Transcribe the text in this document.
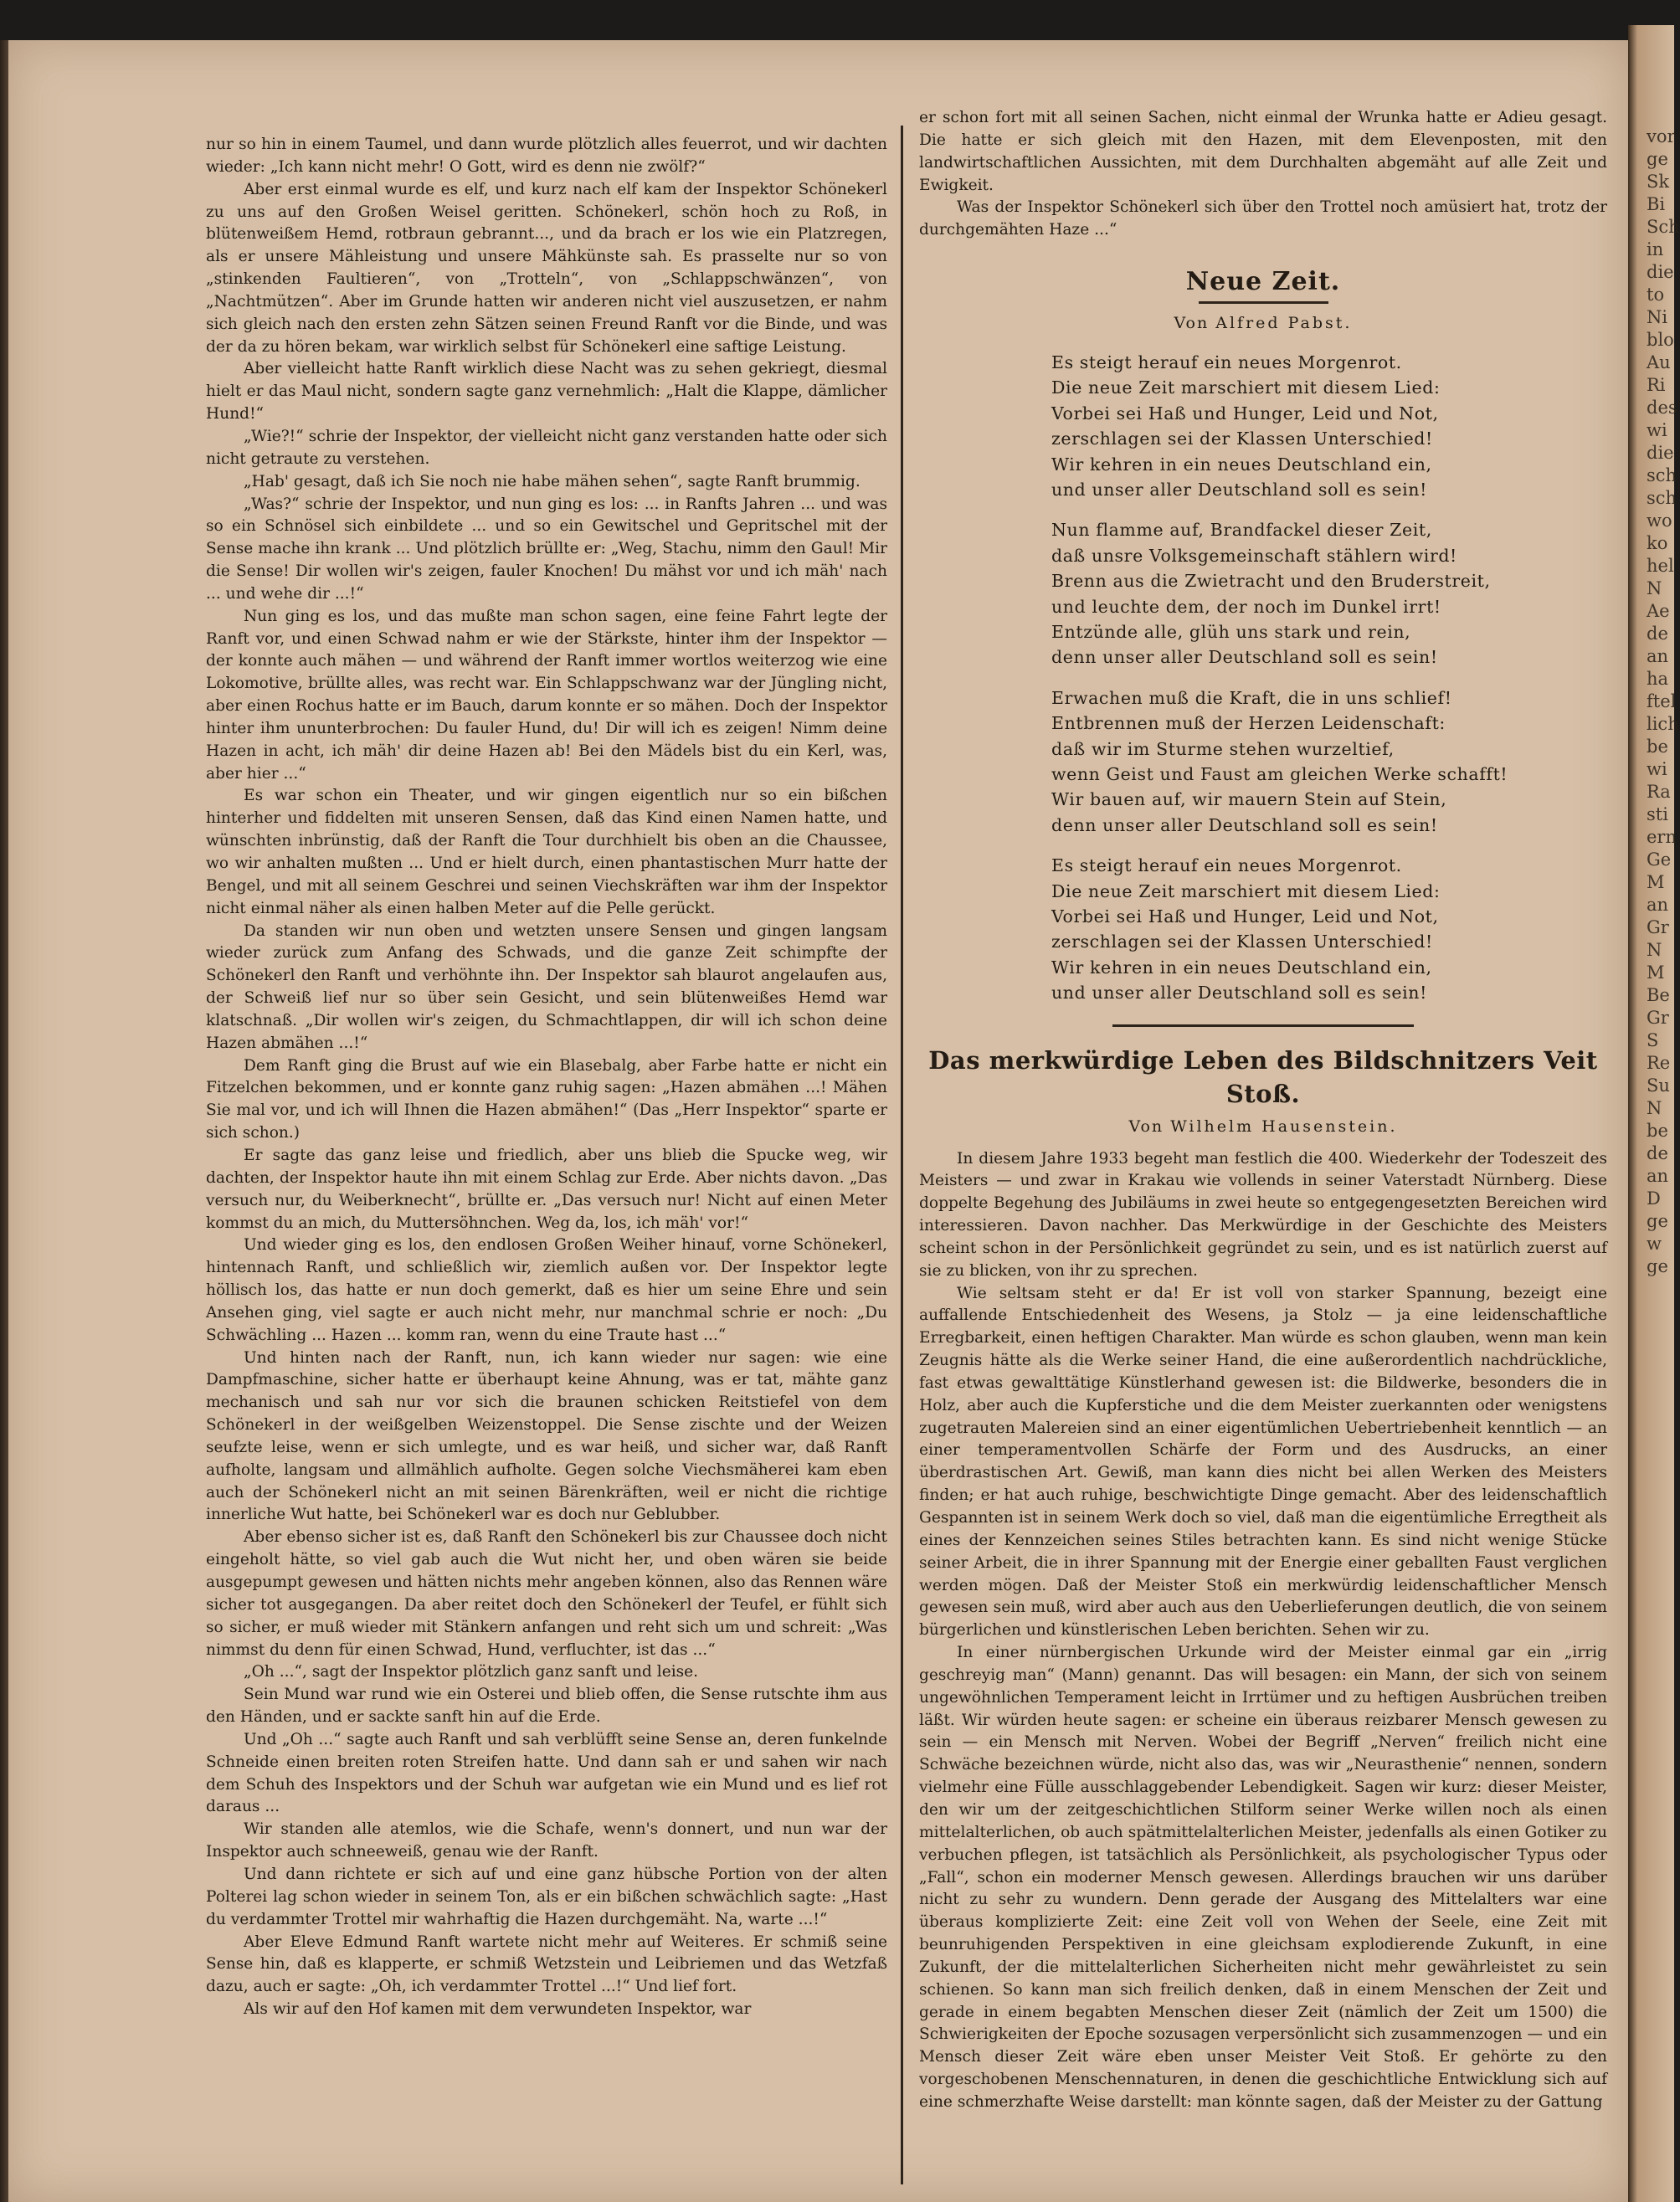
vor
ge
Sk
Bi
Sch
in
die
to
Ni
blo
Au
Ri
des
wi
die
sch
sch
wo
ko
hel
N
Ae
de
an
ha
ftel
lich
be
wi
Ra
sti
ern
Ge
M
an
Gr
N
M
Be
Gr
S
Re
Su
N
be
de
an
D
ge
w
ge

nur so hin in einem Taumel, und dann wurde plötzlich alles feuerrot, und wir dachten wieder: „Ich kann nicht mehr! O Gott, wird es denn nie zwölf?“

Aber erst einmal wurde es elf, und kurz nach elf kam der Inspektor Schönekerl zu uns auf den Großen Weisel geritten. Schönekerl, schön hoch zu Roß, in blütenweißem Hemd, rotbraun gebrannt..., und da brach er los wie ein Platzregen, als er unsere Mähleistung und unsere Mähkünste sah. Es prasselte nur so von „stinkenden Faultieren“, von „Trotteln“, von „Schlappschwänzen“, von „Nachtmützen“. Aber im Grunde hatten wir anderen nicht viel auszusetzen, er nahm sich gleich nach den ersten zehn Sätzen seinen Freund Ranft vor die Binde, und was der da zu hören bekam, war wirklich selbst für Schönekerl eine saftige Leistung.

Aber vielleicht hatte Ranft wirklich diese Nacht was zu sehen gekriegt, diesmal hielt er das Maul nicht, sondern sagte ganz vernehmlich: „Halt die Klappe, dämlicher Hund!“

„Wie?!“ schrie der Inspektor, der vielleicht nicht ganz verstanden hatte oder sich nicht getraute zu verstehen.

„Hab' gesagt, daß ich Sie noch nie habe mähen sehen“, sagte Ranft brummig.

„Was?“ schrie der Inspektor, und nun ging es los: ... in Ranfts Jahren ... und was so ein Schnösel sich einbildete ... und so ein Gewitschel und Gepritschel mit der Sense mache ihn krank ... Und plötzlich brüllte er: „Weg, Stachu, nimm den Gaul! Mir die Sense! Dir wollen wir's zeigen, fauler Knochen! Du mähst vor und ich mäh' nach ... und wehe dir ...!“

Nun ging es los, und das mußte man schon sagen, eine feine Fahrt legte der Ranft vor, und einen Schwad nahm er wie der Stärkste, hinter ihm der Inspektor — der konnte auch mähen — und während der Ranft immer wortlos weiterzog wie eine Lokomotive, brüllte alles, was recht war. Ein Schlappschwanz war der Jüngling nicht, aber einen Rochus hatte er im Bauch, darum konnte er so mähen. Doch der Inspektor hinter ihm ununterbrochen: Du fauler Hund, du! Dir will ich es zeigen! Nimm deine Hazen in acht, ich mäh' dir deine Hazen ab! Bei den Mädels bist du ein Kerl, was, aber hier ...“

Es war schon ein Theater, und wir gingen eigentlich nur so ein bißchen hinterher und fiddelten mit unseren Sensen, daß das Kind einen Namen hatte, und wünschten inbrünstig, daß der Ranft die Tour durchhielt bis oben an die Chaussee, wo wir anhalten mußten ... Und er hielt durch, einen phantastischen Murr hatte der Bengel, und mit all seinem Geschrei und seinen Viechskräften war ihm der Inspektor nicht einmal näher als einen halben Meter auf die Pelle gerückt.

Da standen wir nun oben und wetzten unsere Sensen und gingen langsam wieder zurück zum Anfang des Schwads, und die ganze Zeit schimpfte der Schönekerl den Ranft und verhöhnte ihn. Der Inspektor sah blaurot angelaufen aus, der Schweiß lief nur so über sein Gesicht, und sein blütenweißes Hemd war klatschnaß. „Dir wollen wir's zeigen, du Schmachtlappen, dir will ich schon deine Hazen abmähen ...!“

Dem Ranft ging die Brust auf wie ein Blasebalg, aber Farbe hatte er nicht ein Fitzelchen bekommen, und er konnte ganz ruhig sagen: „Hazen abmähen ...! Mähen Sie mal vor, und ich will Ihnen die Hazen abmähen!“ (Das „Herr Inspektor“ sparte er sich schon.)

Er sagte das ganz leise und friedlich, aber uns blieb die Spucke weg, wir dachten, der Inspektor haute ihn mit einem Schlag zur Erde. Aber nichts davon. „Das versuch nur, du Weiberknecht“, brüllte er. „Das versuch nur! Nicht auf einen Meter kommst du an mich, du Muttersöhnchen. Weg da, los, ich mäh' vor!“

Und wieder ging es los, den endlosen Großen Weiher hinauf, vorne Schönekerl, hintennach Ranft, und schließlich wir, ziemlich außen vor. Der Inspektor legte höllisch los, das hatte er nun doch gemerkt, daß es hier um seine Ehre und sein Ansehen ging, viel sagte er auch nicht mehr, nur manchmal schrie er noch: „Du Schwächling ... Hazen ... komm ran, wenn du eine Traute hast ...“

Und hinten nach der Ranft, nun, ich kann wieder nur sagen: wie eine Dampfmaschine, sicher hatte er überhaupt keine Ahnung, was er tat, mähte ganz mechanisch und sah nur vor sich die braunen schicken Reitstiefel von dem Schönekerl in der weißgelben Weizenstoppel. Die Sense zischte und der Weizen seufzte leise, wenn er sich umlegte, und es war heiß, und sicher war, daß Ranft aufholte, langsam und allmählich aufholte. Gegen solche Viechsmäherei kam eben auch der Schönekerl nicht an mit seinen Bärenkräften, weil er nicht die richtige innerliche Wut hatte, bei Schönekerl war es doch nur Geblubber.

Aber ebenso sicher ist es, daß Ranft den Schönekerl bis zur Chaussee doch nicht eingeholt hätte, so viel gab auch die Wut nicht her, und oben wären sie beide ausgepumpt gewesen und hätten nichts mehr angeben können, also das Rennen wäre sicher tot ausgegangen. Da aber reitet doch den Schönekerl der Teufel, er fühlt sich so sicher, er muß wieder mit Stänkern anfangen und reht sich um und schreit: „Was nimmst du denn für einen Schwad, Hund, verfluchter, ist das ...“

„Oh ...“, sagt der Inspektor plötzlich ganz sanft und leise.

Sein Mund war rund wie ein Osterei und blieb offen, die Sense rutschte ihm aus den Händen, und er sackte sanft hin auf die Erde.

Und „Oh ...“ sagte auch Ranft und sah verblüfft seine Sense an, deren funkelnde Schneide einen breiten roten Streifen hatte. Und dann sah er und sahen wir nach dem Schuh des Inspektors und der Schuh war aufgetan wie ein Mund und es lief rot daraus ...

Wir standen alle atemlos, wie die Schafe, wenn's donnert, und nun war der Inspektor auch schneeweiß, genau wie der Ranft.

Und dann richtete er sich auf und eine ganz hübsche Portion von der alten Polterei lag schon wieder in seinem Ton, als er ein bißchen schwächlich sagte: „Hast du verdammter Trottel mir wahrhaftig die Hazen durchgemäht. Na, warte ...!“

Aber Eleve Edmund Ranft wartete nicht mehr auf Weiteres. Er schmiß seine Sense hin, daß es klapperte, er schmiß Wetzstein und Leibriemen und das Wetzfaß dazu, auch er sagte: „Oh, ich verdammter Trottel ...!“ Und lief fort.

Als wir auf den Hof kamen mit dem verwundeten Inspektor, war

er schon fort mit all seinen Sachen, nicht einmal der Wrunka hatte er Adieu gesagt. Die hatte er sich gleich mit den Hazen, mit dem Elevenposten, mit den landwirtschaftlichen Aussichten, mit dem Durchhalten abgemäht auf alle Zeit und Ewigkeit.

Was der Inspektor Schönekerl sich über den Trottel noch amüsiert hat, trotz der durchgemähten Haze ...“

Neue Zeit.
Von Alfred Pabst.
Es steigt herauf ein neues Morgenrot.
Die neue Zeit marschiert mit diesem Lied:
Vorbei sei Haß und Hunger, Leid und Not,
zerschlagen sei der Klassen Unterschied!
Wir kehren in ein neues Deutschland ein,
und unser aller Deutschland soll es sein!
Nun flamme auf, Brandfackel dieser Zeit,
daß unsre Volksgemeinschaft stählern wird!
Brenn aus die Zwietracht und den Bruderstreit,
und leuchte dem, der noch im Dunkel irrt!
Entzünde alle, glüh uns stark und rein,
denn unser aller Deutschland soll es sein!
Erwachen muß die Kraft, die in uns schlief!
Entbrennen muß der Herzen Leidenschaft:
daß wir im Sturme stehen wurzeltief,
wenn Geist und Faust am gleichen Werke schafft!
Wir bauen auf, wir mauern Stein auf Stein,
denn unser aller Deutschland soll es sein!
Es steigt herauf ein neues Morgenrot.
Die neue Zeit marschiert mit diesem Lied:
Vorbei sei Haß und Hunger, Leid und Not,
zerschlagen sei der Klassen Unterschied!
Wir kehren in ein neues Deutschland ein,
und unser aller Deutschland soll es sein!
Das merkwürdige Leben des Bildschnitzers Veit Stoß.
Von Wilhelm Hausenstein.

In diesem Jahre 1933 begeht man festlich die 400. Wiederkehr der Todeszeit des Meisters — und zwar in Krakau wie vollends in seiner Vaterstadt Nürnberg. Diese doppelte Begehung des Jubiläums in zwei heute so entgegengesetzten Bereichen wird interessieren. Davon nachher. Das Merkwürdige in der Geschichte des Meisters scheint schon in der Persönlichkeit gegründet zu sein, und es ist natürlich zuerst auf sie zu blicken, von ihr zu sprechen.

Wie seltsam steht er da! Er ist voll von starker Spannung, bezeigt eine auffallende Entschiedenheit des Wesens, ja Stolz — ja eine leidenschaftliche Erregbarkeit, einen heftigen Charakter. Man würde es schon glauben, wenn man kein Zeugnis hätte als die Werke seiner Hand, die eine außerordentlich nachdrückliche, fast etwas gewalttätige Künstlerhand gewesen ist: die Bildwerke, besonders die in Holz, aber auch die Kupferstiche und die dem Meister zuerkannten oder wenigstens zugetrauten Malereien sind an einer eigentümlichen Uebertriebenheit kenntlich — an einer temperamentvollen Schärfe der Form und des Ausdrucks, an einer überdrastischen Art. Gewiß, man kann dies nicht bei allen Werken des Meisters finden; er hat auch ruhige, beschwichtigte Dinge gemacht. Aber des leidenschaftlich Gespannten ist in seinem Werk doch so viel, daß man die eigentümliche Erregtheit als eines der Kennzeichen seines Stiles betrachten kann. Es sind nicht wenige Stücke seiner Arbeit, die in ihrer Spannung mit der Energie einer geballten Faust verglichen werden mögen. Daß der Meister Stoß ein merkwürdig leidenschaftlicher Mensch gewesen sein muß, wird aber auch aus den Ueberlieferungen deutlich, die von seinem bürgerlichen und künstlerischen Leben berichten. Sehen wir zu.

In einer nürnbergischen Urkunde wird der Meister einmal gar ein „irrig geschreyig man“ (Mann) genannt. Das will besagen: ein Mann, der sich von seinem ungewöhnlichen Temperament leicht in Irrtümer und zu heftigen Ausbrüchen treiben läßt. Wir würden heute sagen: er scheine ein überaus reizbarer Mensch gewesen zu sein — ein Mensch mit Nerven. Wobei der Begriff „Nerven“ freilich nicht eine Schwäche bezeichnen würde, nicht also das, was wir „Neurasthenie“ nennen, sondern vielmehr eine Fülle ausschlaggebender Lebendigkeit. Sagen wir kurz: dieser Meister, den wir um der zeitgeschichtlichen Stilform seiner Werke willen noch als einen mittelalterlichen, ob auch spätmittelalterlichen Meister, jedenfalls als einen Gotiker zu verbuchen pflegen, ist tatsächlich als Persönlichkeit, als psychologischer Typus oder „Fall“, schon ein moderner Mensch gewesen. Allerdings brauchen wir uns darüber nicht zu sehr zu wundern. Denn gerade der Ausgang des Mittelalters war eine überaus komplizierte Zeit: eine Zeit voll von Wehen der Seele, eine Zeit mit beunruhigenden Perspektiven in eine gleichsam explodierende Zukunft, in eine Zukunft, der die mittelalterlichen Sicherheiten nicht mehr gewährleistet zu sein schienen. So kann man sich freilich denken, daß in einem Menschen der Zeit und gerade in einem begabten Menschen dieser Zeit (nämlich der Zeit um 1500) die Schwierigkeiten der Epoche sozusagen verpersönlicht sich zusammenzogen — und ein Mensch dieser Zeit wäre eben unser Meister Veit Stoß. Er gehörte zu den vorgeschobenen Menschennaturen, in denen die geschichtliche Entwicklung sich auf eine schmerzhafte Weise darstellt: man könnte sagen, daß der Meister zu der Gattung
